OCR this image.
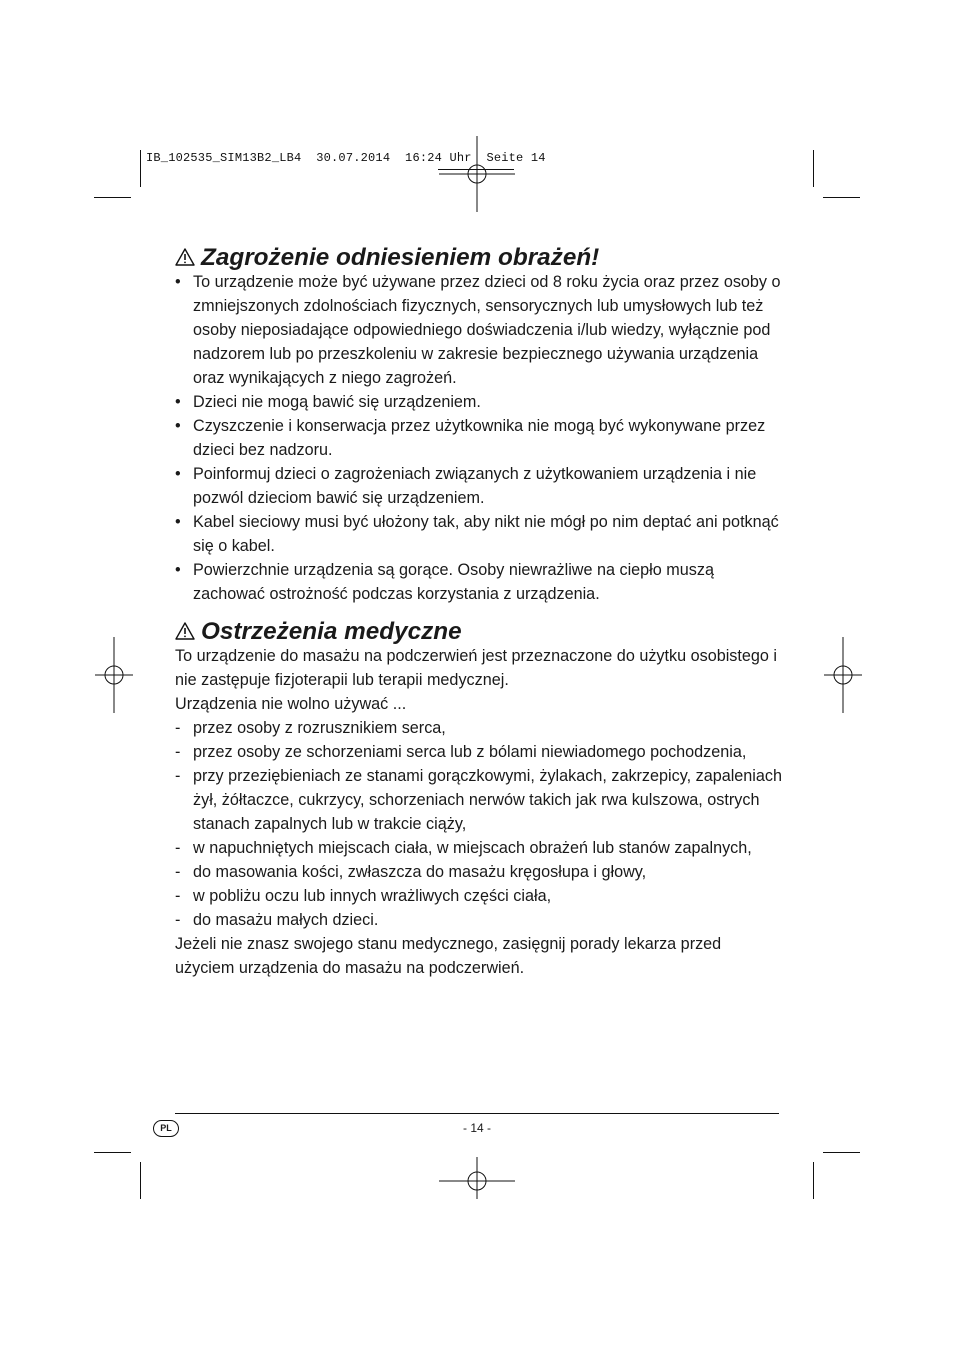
IB_102535_SIM13B2_LB4  30.07.2014  16:24 Uhr  Seite 14
Zagrożenie odniesieniem obrażeń!
• To urządzenie może być używane przez dzieci od 8 roku życia oraz przez osoby o zmniejszonych zdolnościach fizycznych, sensorycznych lub umysłowych lub też osoby nieposiadające odpowiedniego doświadczenia i/lub wiedzy, wyłącznie pod nadzorem lub po przeszkoleniu w zakresie bezpiecznego używania urządzenia oraz wynikających z niego zagrożeń.
• Dzieci nie mogą bawić się urządzeniem.
• Czyszczenie i konserwacja przez użytkownika nie mogą być wykonywane przez dzieci bez nadzoru.
• Poinformuj dzieci o zagrożeniach związanych z użytkowaniem urządzenia i nie pozwól dzieciom bawić się urządzeniem.
• Kabel sieciowy musi być ułożony tak, aby nikt nie mógł po nim deptać ani potknąć się o kabel.
• Powierzchnie urządzenia są gorące. Osoby niewrażliwe na ciepło muszą zachować ostrożność podczas korzystania z urządzenia.
Ostrzeżenia medyczne

To urządzenie do masażu na podczerwień jest przeznaczone do użytku osobistego i nie zastępuje fizjoterapii lub terapii medycznej.

Urządzenia nie wolno używać ...

- przez osoby z rozrusznikiem serca,
- przez osoby ze schorzeniami serca lub z bólami niewiadomego pochodzenia,
- przy przeziębieniach ze stanami gorączkowymi, żylakach, zakrzepicy, zapaleniach żył, żółtaczce, cukrzycy, schorzeniach nerwów takich jak rwa kulszowa, ostrych stanach zapalnych lub w trakcie ciąży,
- w napuchniętych miejscach ciała, w miejscach obrażeń lub stanów zapalnych,
- do masowania kości, zwłaszcza do masażu kręgosłupa i głowy,
- w pobliżu oczu lub innych wrażliwych części ciała,
- do masażu małych dzieci.

Jeżeli nie znasz swojego stanu medycznego, zasięgnij porady lekarza przed użyciem urządzenia do masażu na podczerwień.

PL	- 14 -
